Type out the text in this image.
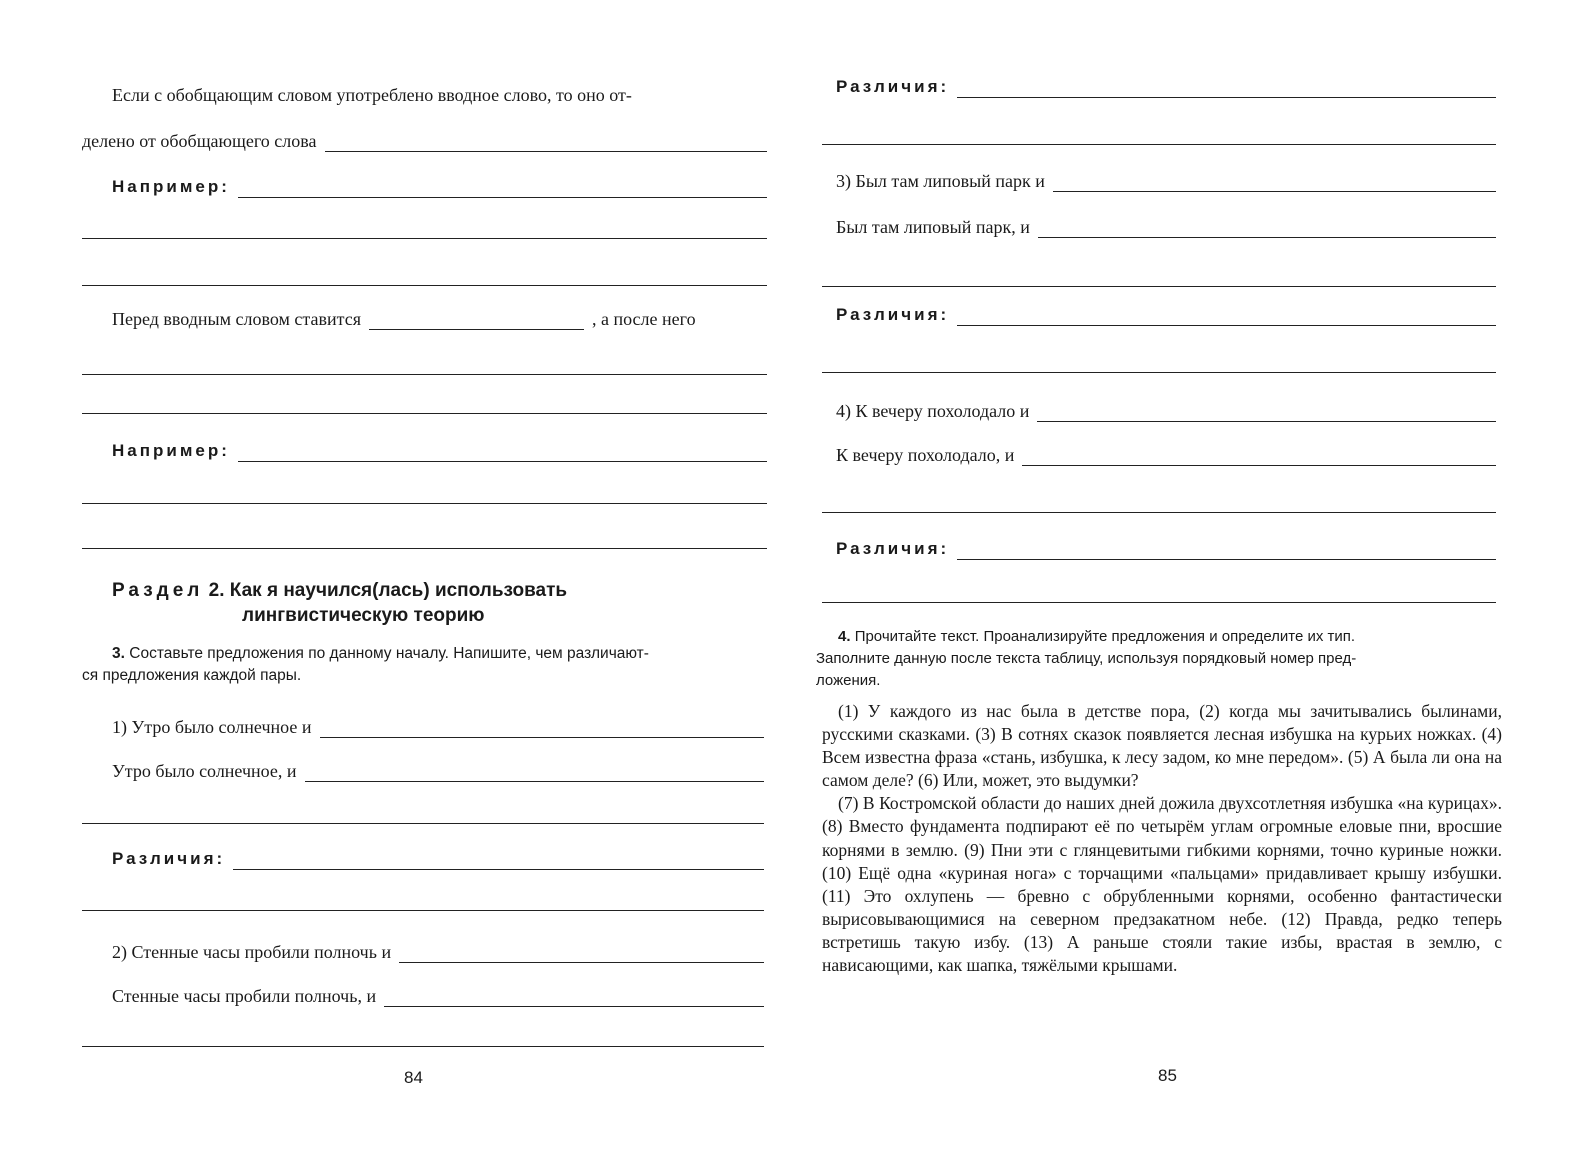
Если с обобщающим словом употреблено вводное слово, то оно от-
делено от обобщающего слова
Например:
Перед вводным словом ставится	, а после него
Например:
Раздел 2. Как я научился(лась) использовать
лингвистическую теорию
3. Составьте предложения по данному началу. Напишите, чем различают-
ся предложения каждой пары.
1) Утро было солнечное и
Утро было солнечное, и
Различия:
2) Стенные часы пробили полночь и
Стенные часы пробили полночь, и
84
Различия:
3) Был там липовый парк и
Был там липовый парк, и
Различия:
4) К вечеру похолодало и
К вечеру похолодало, и
Различия:
4. Прочитайте текст. Проанализируйте предложения и определите их тип.
Заполните данную после текста таблицу, используя порядковый номер пред-
ложения.
85

(1) У каждого из нас была в детстве пора, (2) когда мы зачитывались былинами, русскими сказками. (3) В сотнях сказок появляется лесная избушка на курьих ножках. (4) Всем известна фраза «стань, избушка, к лесу задом, ко мне передом». (5) А была ли она на самом деле? (6) Или, может, это выдумки?

(7) В Костромской области до наших дней дожила двухсотлетняя избушка «на курицах». (8) Вместо фундамента подпирают её по четырём углам огромные еловые пни, вросшие корнями в землю. (9) Пни эти с глянцевитыми гибкими корнями, точно куриные ножки. (10) Ещё одна «куриная нога» с торчащими «пальцами» придавливает крышу избушки. (11) Это охлупень — бревно с обрубленными корнями, особенно фантастически вырисовывающимися на северном предзакатном небе. (12) Правда, редко теперь встретишь такую избу. (13) А раньше стояли такие избы, врастая в землю, с нависающими, как шапка, тяжёлыми крышами.
